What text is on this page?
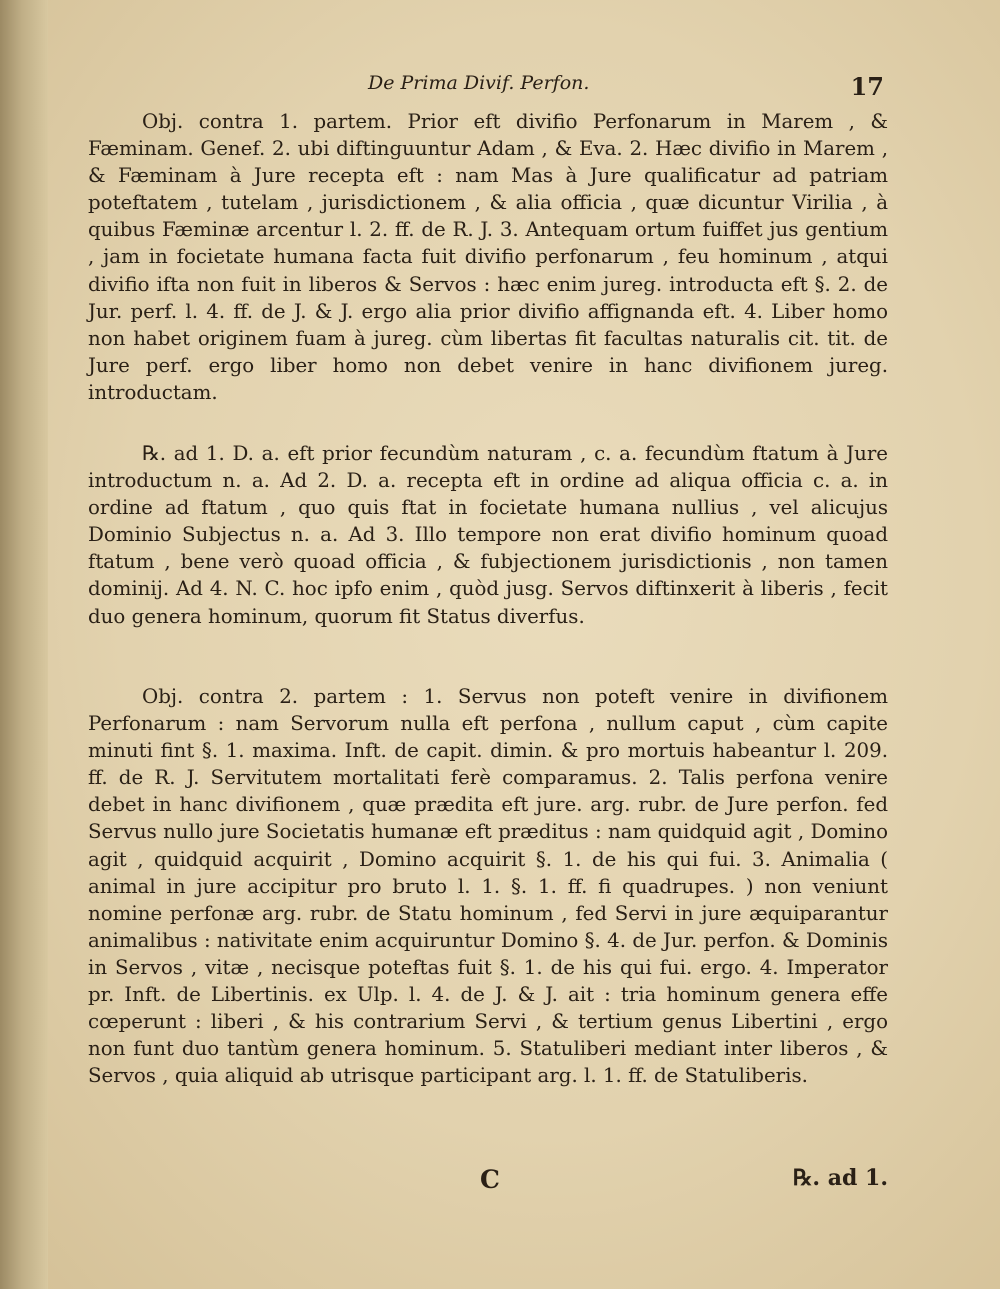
De Prima Divif. Perfon.	17
Obj. contra 1. partem. Prior eft divifio Perfonarum in Marem , & Fæminam. Genef. 2. ubi diftinguuntur Adam , & Eva. 2. Hæc divifio in Marem , & Fæminam à Jure recepta eft : nam Mas à Jure qualificatur ad patriam poteftatem , tutelam , jurisdictionem , & alia officia , quæ dicuntur Virilia , à quibus Fæminæ arcentur l. 2. ff. de R. J. 3. Antequam ortum fuiffet jus gentium , jam in focietate humana facta fuit divifio perfonarum , feu hominum , atqui divifio ifta non fuit in liberos & Servos : hæc enim jureg. introducta eft §. 2. de Jur. perf. l. 4. ff. de J. & J. ergo alia prior divifio affignanda eft. 4. Liber homo non habet originem fuam à jureg. cùm libertas fit facultas naturalis cit. tit. de Jure perf. ergo liber homo non debet venire in hanc divifionem jureg. introductam.
℞. ad 1. D. a. eft prior fecundùm naturam , c. a. fecundùm ftatum à Jure introductum n. a. Ad 2. D. a. recepta eft in ordine ad aliqua officia c. a. in ordine ad ftatum , quo quis ftat in focietate humana nullius , vel alicujus Dominio Subjectus n. a. Ad 3. Illo tempore non erat divifio hominum quoad ftatum , bene verò quoad officia , & fubjectionem jurisdictionis , non tamen dominij. Ad 4. N. C. hoc ipfo enim , quòd jusg. Servos diftinxerit à liberis , fecit duo genera hominum, quorum fit Status diverfus.
Obj. contra 2. partem : 1. Servus non poteft venire in divifionem Perfonarum : nam Servorum nulla eft perfona , nullum caput , cùm capite minuti fint §. 1. maxima. Inft. de capit. dimin. & pro mortuis habeantur l. 209. ff. de R. J. Servitutem mortalitati ferè comparamus. 2. Talis perfona venire debet in hanc divifionem , quæ prædita eft jure. arg. rubr. de Jure perfon. fed Servus nullo jure Societatis humanæ eft præditus : nam quidquid agit , Domino agit , quidquid acquirit , Domino acquirit §. 1. de his qui fui. 3. Animalia ( animal in jure accipitur pro bruto l. 1. §. 1. ff. fi quadrupes. ) non veniunt nomine perfonæ arg. rubr. de Statu hominum , fed Servi in jure æquiparantur animalibus : nativitate enim acquiruntur Domino §. 4. de Jur. perfon. & Dominis in Servos , vitæ , necisque poteftas fuit §. 1. de his qui fui. ergo. 4. Imperator pr. Inft. de Libertinis. ex Ulp. l. 4. de J. & J. ait : tria hominum genera effe cœperunt : liberi , & his contrarium Servi , & tertium genus Libertini , ergo non funt duo tantùm genera hominum. 5. Statuliberi mediant inter liberos , & Servos , quia aliquid ab utrisque participant arg. l. 1. ff. de Statuliberis.
C	℞. ad 1.
